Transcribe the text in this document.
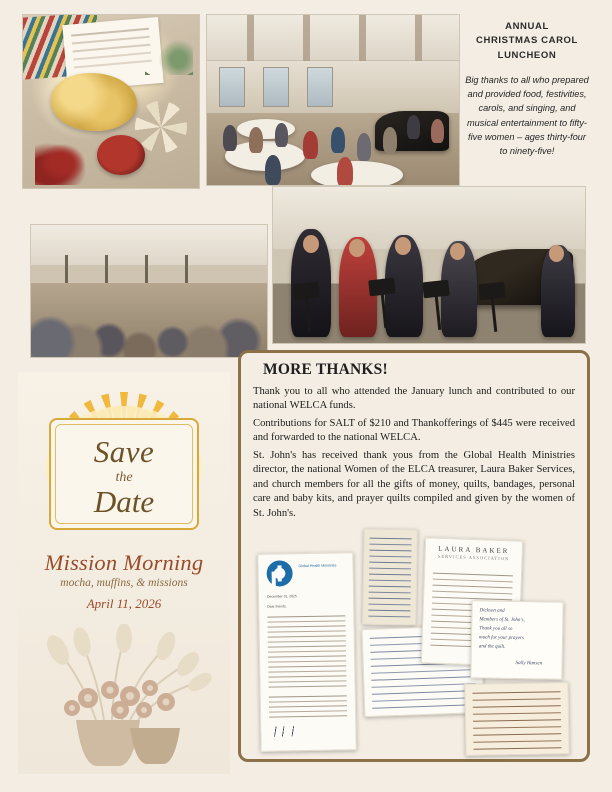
ANNUAL
CHRISTMAS CAROL
LUNCHEON
Big thanks to all who prepared and provided food, festivities, carols, and singing, and musical entertainment to fifty-five women – ages thirty-four to ninety-five!
Save
the
Date
Mission Morning
mocha, muffins, & missions
April 11, 2026
MORE THANKS!
Thank you to all who attended the January lunch and contributed to our national WELCA funds.
Contributions for SALT of $210 and Thankofferings of $445 were received and forwarded to the national WELCA.
St. John's has received thank yous from the Global Health Ministries director, the national Women of the ELCA treasurer, Laura Baker Services, and church members for all the gifts of money, quilts, bandages, personal care and baby kits, and prayer quilts compiled and given by the women of St. John's.
Global Health Ministries
December 31, 2025
Dear friends,
LAURA BAKER
SERVICES ASSOCIATION
Dickson and
Members of St. John's,
Thank you all so
much for your prayers
and the quilt.
Sally Hansen
